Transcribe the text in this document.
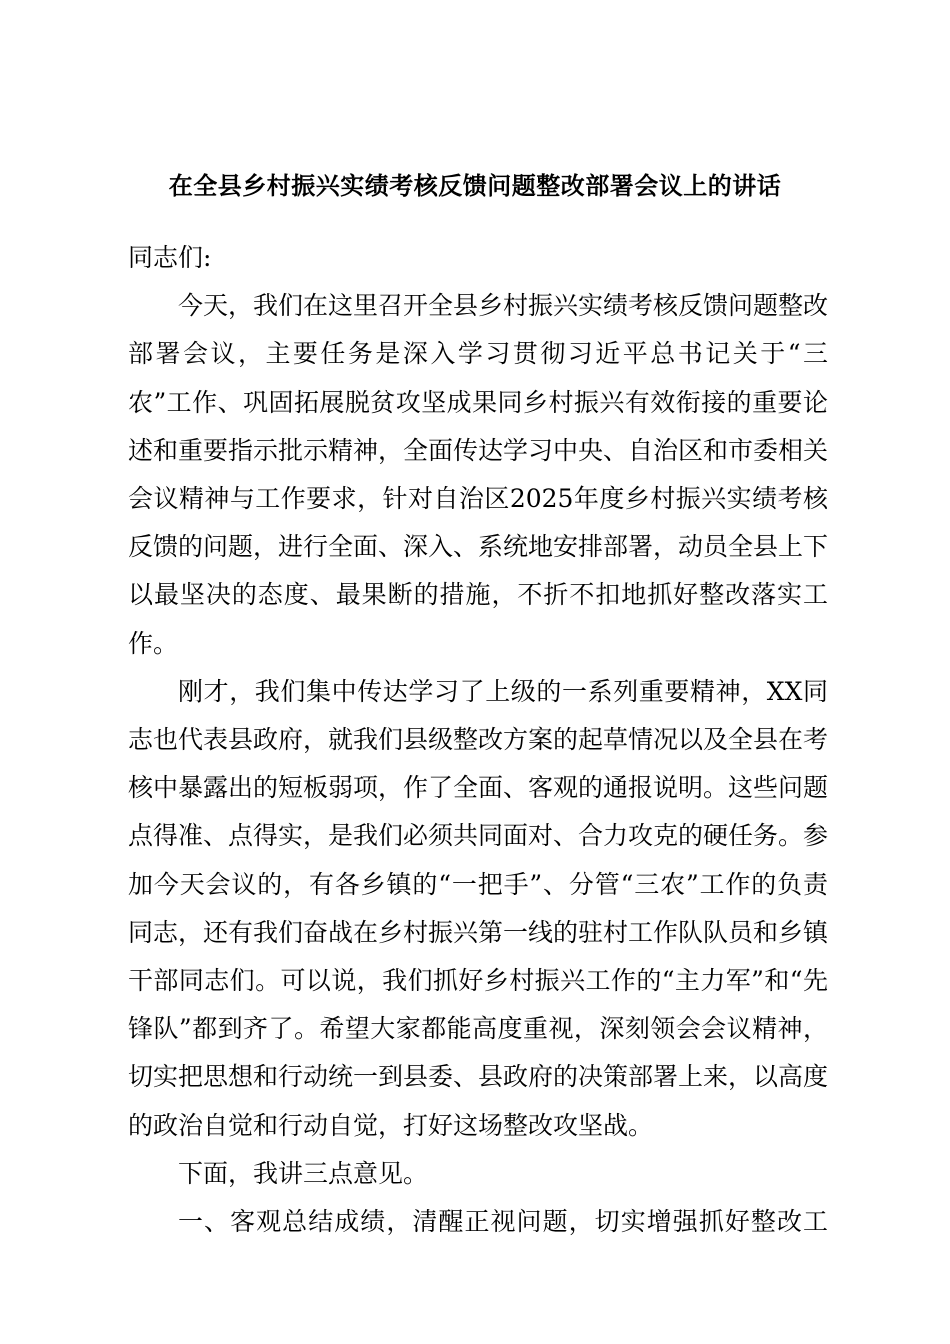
在全县乡村振兴实绩考核反馈问题整改部署会议上的讲话

同志们:

今天，我们在这里召开全县乡村振兴实绩考核反馈问题整改部署会议，主要任务是深入学习贯彻习近平总书记关于“三农”工作、巩固拓展脱贫攻坚成果同乡村振兴有效衔接的重要论述和重要指示批示精神，全面传达学习中央、自治区和市委相关会议精神与工作要求，针对自治区2025年度乡村振兴实绩考核反馈的问题，进行全面、深入、系统地安排部署，动员全县上下以最坚决的态度、最果断的措施，不折不扣地抓好整改落实工作。

刚才，我们集中传达学习了上级的一系列重要精神，XX同志也代表县政府，就我们县级整改方案的起草情况以及全县在考核中暴露出的短板弱项，作了全面、客观的通报说明。这些问题点得准、点得实，是我们必须共同面对、合力攻克的硬任务。参加今天会议的，有各乡镇的“一把手”、分管“三农”工作的负责同志，还有我们奋战在乡村振兴第一线的驻村工作队队员和乡镇干部同志们。可以说，我们抓好乡村振兴工作的“主力军”和“先锋队”都到齐了。希望大家都能高度重视，深刻领会会议精神，切实把思想和行动统一到县委、县政府的决策部署上来，以高度的政治自觉和行动自觉，打好这场整改攻坚战。

下面，我讲三点意见。

一、客观总结成绩，清醒正视问题，切实增强抓好整改工
